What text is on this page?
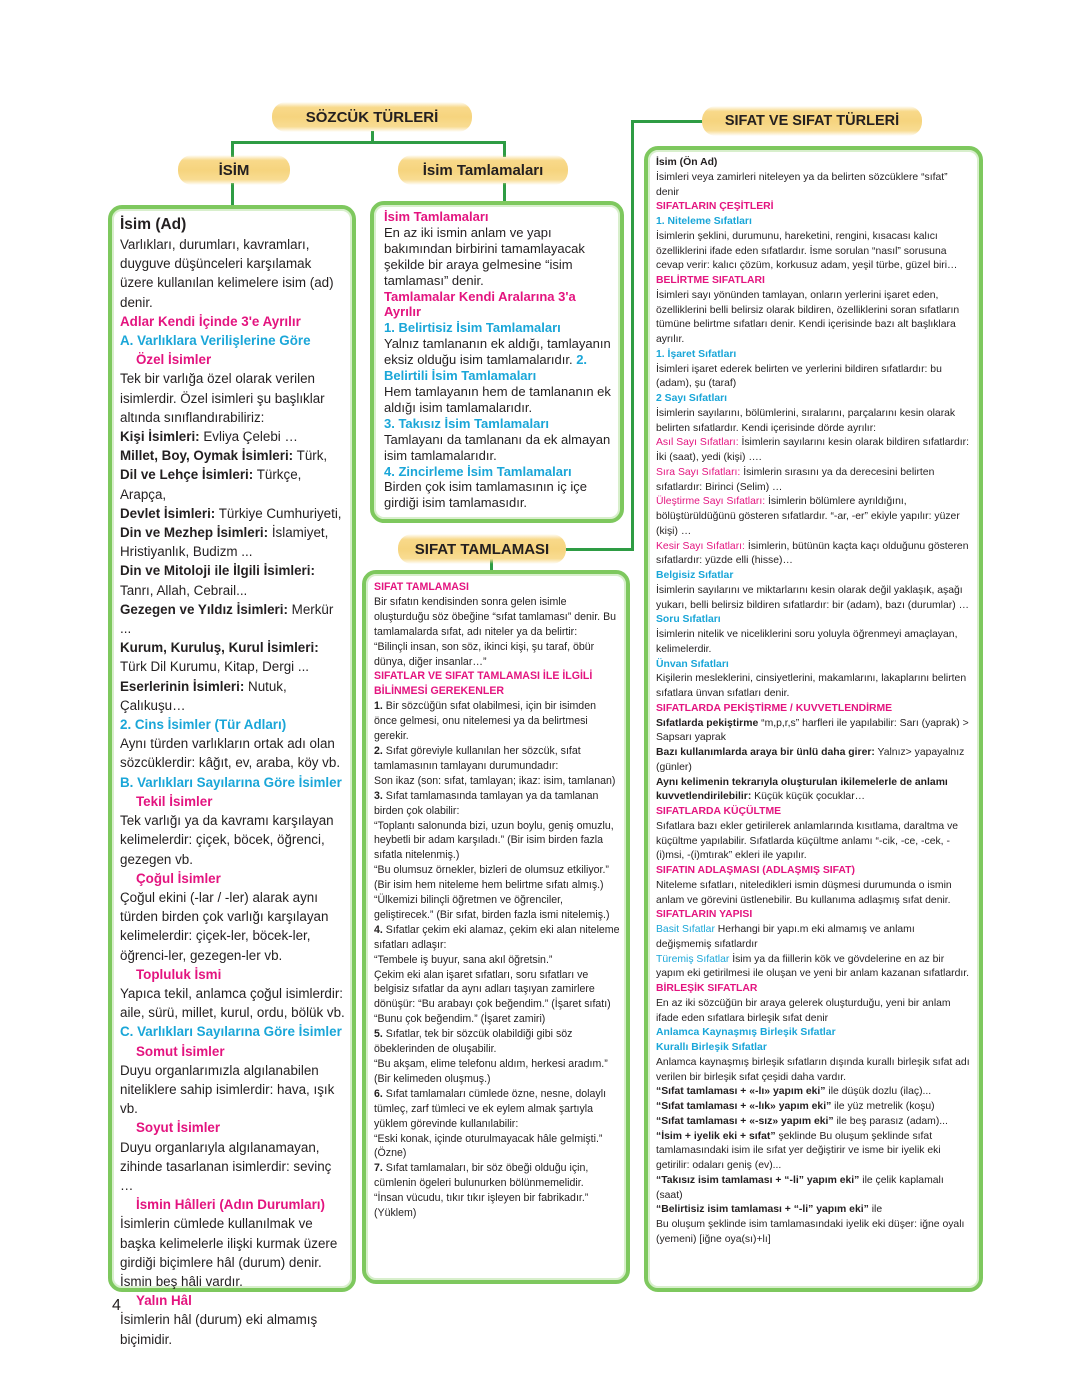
SÖZCÜK TÜRLERİ
İSİM	İsim Tamlamaları
SIFAT TAMLAMASI
SIFAT VE SIFAT TÜRLERİ
İsim (Ad)
Varlıkları, durumları, kavramları, duyguve düşünceleri karşılamak üzere kullanılan kelimelere isim (ad) denir.
Adlar Kendi İçinde 3'e Ayrılır
A. Varlıklara Verilişlerine Göre
Özel İsimler
Tek bir varlığa özel olarak verilen isimlerdir. Özel isimleri şu başlıklar altında sınıflandırabiliriz:
Kişi İsimleri: Evliya Çelebi …
Millet, Boy, Oymak İsimleri: Türk,
Dil ve Lehçe İsimleri: Türkçe, Arapça,
Devlet İsimleri: Türkiye Cumhuriyeti,
Din ve Mezhep İsimleri: İslamiyet, Hristiyanlık, Budizm ...
Din ve Mitoloji ile İlgili İsimleri: Tanrı, Allah, Cebrail...
Gezegen ve Yıldız İsimleri: Merkür ...
Kurum, Kuruluş, Kurul İsimleri: Türk Dil Kurumu, Kitap, Dergi ...
Eserlerinin İsimleri: Nutuk, Çalıkuşu…
2. Cins İsimler (Tür Adları)
Aynı türden varlıkların ortak adı olan sözcüklerdir: kâğıt, ev, araba, köy vb.
B. Varlıkları Sayılarına Göre İsimler
Tekil İsimler
Tek varlığı ya da kavramı karşılayan kelimelerdir: çiçek, böcek, öğrenci, gezegen vb.
Çoğul İsimler
Çoğul ekini (-lar / -ler) alarak aynı türden birden çok varlığı karşılayan kelimelerdir: çiçek-ler, böcek-ler, öğrenci-ler, gezegen-ler vb.
Topluluk İsmi
Yapıca tekil, anlamca çoğul isimlerdir: aile, sürü, millet, kurul, ordu, bölük vb.
C. Varlıkları Sayılarına Göre İsimler
Somut İsimler
Duyu organlarımızla algılanabilen niteliklere sahip isimlerdir: hava, ışık vb.
Soyut İsimler
Duyu organlarıyla algılanamayan, zihinde tasarlanan isimlerdir: sevinç …
İsmin Hâlleri (Adın Durumları)
İsimlerin cümlede kullanılmak ve başka kelimelerle ilişki kurmak üzere girdiği biçimlere hâl (durum) denir. İsmin beş hâli vardır.
Yalın Hâl
İsimlerin hâl (durum) eki almamış biçimidir.
İsim Tamlamaları
En az iki ismin anlam ve yapı bakımından birbirini tamamlayacak şekilde bir araya gelmesine “isim tamlaması” denir.
Tamlamalar Kendi Aralarına 3'a Ayrılır
1. Belirtisiz İsim Tamlamaları
Yalnız tamlananın ek aldığı, tamlayanın eksiz olduğu isim tamlamalarıdır. 2.
Belirtili İsim Tamlamaları
Hem tamlayanın hem de tamlananın ek aldığı isim tamlamalarıdır.
3. Takısız İsim Tamlamaları
Tamlayanı da tamlananı da ek almayan isim tamlamalarıdır.
4. Zincirleme İsim Tamlamaları
Birden çok isim tamlamasının iç içe girdiği isim tamlamasıdır.
SIFAT TAMLAMASI
Bir sıfatın kendisinden sonra gelen isimle oluşturduğu söz öbeğine “sıfat tamlaması” denir. Bu tamlamalarda sıfat, adı niteler ya da belirtir:
“Bilinçli insan, son söz, ikinci kişi, şu taraf, öbür dünya, diğer insanlar…”
SIFATLAR VE SIFAT TAMLAMASI İLE İLGİLİ BİLİNMESİ GEREKENLER
1. Bir sözcüğün sıfat olabilmesi, için bir isimden önce gelmesi, onu nitelemesi ya da belirtmesi gerekir.
2. Sıfat göreviyle kullanılan her sözcük, sıfat tamlamasının tamlayanı durumundadır:
Son ikaz (son: sıfat, tamlayan; ikaz: isim, tamlanan)
3. Sıfat tamlamasında tamlayan ya da tamlanan birden çok olabilir:
“Toplantı salonunda bizi, uzun boylu, geniş omuzlu, heybetli bir adam karşıladı.” (Bir isim birden fazla sıfatla nitelenmiş.)
“Bu olumsuz örnekler, bizleri de olumsuz etkiliyor.” (Bir isim hem niteleme hem belirtme sıfatı almış.)
“Ülkemizi bilinçli öğretmen ve öğrenciler, geliştirecek.” (Bir sıfat, birden fazla ismi nitelemiş.)
4. Sıfatlar çekim eki alamaz, çekim eki alan niteleme sıfatları adlaşır:
“Tembele iş buyur, sana akıl öğretsin.”
Çekim eki alan işaret sıfatları, soru sıfatları ve belgisiz sıfatlar da aynı adları taşıyan zamirlere dönüşür: “Bu arabayı çok beğendim.” (İşaret sıfatı)
“Bunu çok beğendim.” (İşaret zamiri)
5. Sıfatlar, tek bir sözcük olabildiği gibi söz öbeklerinden de oluşabilir.
“Bu akşam, elime telefonu aldım, herkesi aradım.” (Bir kelimeden oluşmuş.)
6. Sıfat tamlamaları cümlede özne, nesne, dolaylı tümleç, zarf tümleci ve ek eylem almak şartıyla yüklem görevinde kullanılabilir:
“Eski konak, içinde oturulmayacak hâle gelmişti.” (Özne)
7. Sıfat tamlamaları, bir söz öbeği olduğu için, cümlenin ögeleri bulunurken bölünmemelidir.
“İnsan vücudu, tıkır tıkır işleyen bir fabrikadır.” (Yüklem)
İsim (Ön Ad)
İsimleri veya zamirleri niteleyen ya da belirten sözcüklere “sıfat” denir
SIFATLARIN ÇEŞİTLERİ
1. Niteleme Sıfatları
İsimlerin şeklini, durumunu, hareketini, rengini, kısacası kalıcı özelliklerini ifade eden sıfatlardır. İsme sorulan “nasıl” sorusuna cevap verir: kalıcı çözüm, korkusuz adam, yeşil türbe, güzel biri…
BELİRTME SIFATLARI
İsimleri sayı yönünden tamlayan, onların yerlerini işaret eden, özelliklerini belli belirsiz olarak bildiren, özelliklerini soran sıfatların tümüne belirtme sıfatları denir. Kendi içerisinde bazı alt başlıklara ayrılır.
1. İşaret Sıfatları
İsimleri işaret ederek belirten ve yerlerini bildiren sıfatlardır: bu (adam), şu (taraf)
2 Sayı Sıfatları
İsimlerin sayılarını, bölümlerini, sıralarını, parçalarını kesin olarak belirten sıfatlardır. Kendi içerisinde dörde ayrılır:
Asıl Sayı Sıfatları: İsimlerin sayılarını kesin olarak bildiren sıfatlardır: İki (saat), yedi (kişi) ….
Sıra Sayı Sıfatları: İsimlerin sırasını ya da derecesini belirten sıfatlardır: Birinci (Selim) …
Üleştirme Sayı Sıfatları: İsimlerin bölümlere ayrıldığını, bölüştürüldüğünü gösteren sıfatlardır. “-ar, -er” ekiyle yapılır: yüzer (kişi) …
Kesir Sayı Sıfatları: İsimlerin, bütünün kaçta kaçı olduğunu gösteren sıfatlardır: yüzde elli (hisse)…
Belgisiz Sıfatlar
İsimlerin sayılarını ve miktarlarını kesin olarak değil yaklaşık, aşağı yukarı, belli belirsiz bildiren sıfatlardır: bir (adam), bazı (durumlar) …
Soru Sıfatları
İsimlerin nitelik ve niceliklerini soru yoluyla öğrenmeyi amaçlayan, kelimelerdir.
Ünvan Sıfatları
Kişilerin mesleklerini, cinsiyetlerini, makamlarını, lakaplarını belirten sıfatlara ünvan sıfatları denir.
SIFATLARDA PEKİŞTİRME / KUVVETLENDİRME
Sıfatlarda pekiştirme “m,p,r,s” harfleri ile yapılabilir: Sarı (yaprak) > Sapsarı yaprak
Bazı kullanımlarda araya bir ünlü daha girer: Yalnız> yapayalnız (günler)
Aynı kelimenin tekrarıyla oluşturulan ikilemelerle de anlamı kuvvetlendirilebilir: Küçük küçük çocuklar…
SIFATLARDA KÜÇÜLTME
Sıfatlara bazı ekler getirilerek anlamlarında kısıtlama, daraltma ve küçültme yapılabilir. Sıfatlarda küçültme anlamı “-cik, -ce, -cek, -(i)msi, -(i)mtırak” ekleri ile yapılır.
SIFATIN ADLAŞMASI (ADLAŞMIŞ SIFAT)
Niteleme sıfatları, niteledikleri ismin düşmesi durumunda o ismin anlam ve görevini üstlenebilir. Bu kullanıma adlaşmış sıfat denir.
SIFATLARIN YAPISI
Basit Sıfatlar Herhangi bir yapı.m eki almamış ve anlamı değişmemiş sıfatlardır
Türemiş Sıfatlar İsim ya da fiillerin kök ve gövdelerine en az bir yapım eki getirilmesi ile oluşan ve yeni bir anlam kazanan sıfatlardır.
BİRLEŞİK SIFATLAR
En az iki sözcüğün bir araya gelerek oluşturduğu, yeni bir anlam ifade eden sıfatlara birleşik sıfat denir
Anlamca Kaynaşmış Birleşik Sıfatlar
Kurallı Birleşik Sıfatlar
Anlamca kaynaşmış birleşik sıfatların dışında kurallı birleşik sıfat adı verilen bir birleşik sıfat çeşidi daha vardır.
“Sıfat tamlaması + «-lı» yapım eki” ile düşük dozlu (ilaç)...
“Sıfat tamlaması + «-lık» yapım eki” ile yüz metrelik (koşu)
“Sıfat tamlaması + «-sız» yapım eki” ile beş parasız (adam)...
“İsim + iyelik eki + sıfat” şeklinde Bu oluşum şeklinde sıfat tamlamasındaki isim ile sıfat yer değiştirir ve isme bir iyelik eki getirilir: odaları geniş (ev)...
“Takısız isim tamlaması + “-li” yapım eki” ile çelik kaplamalı (saat)
“Belirtisiz isim tamlaması + “-li” yapım eki” ile
Bu oluşum şeklinde isim tamlamasındaki iyelik eki düşer: iğne oyalı (yemeni) [iğne oya(sı)+lı]
4
